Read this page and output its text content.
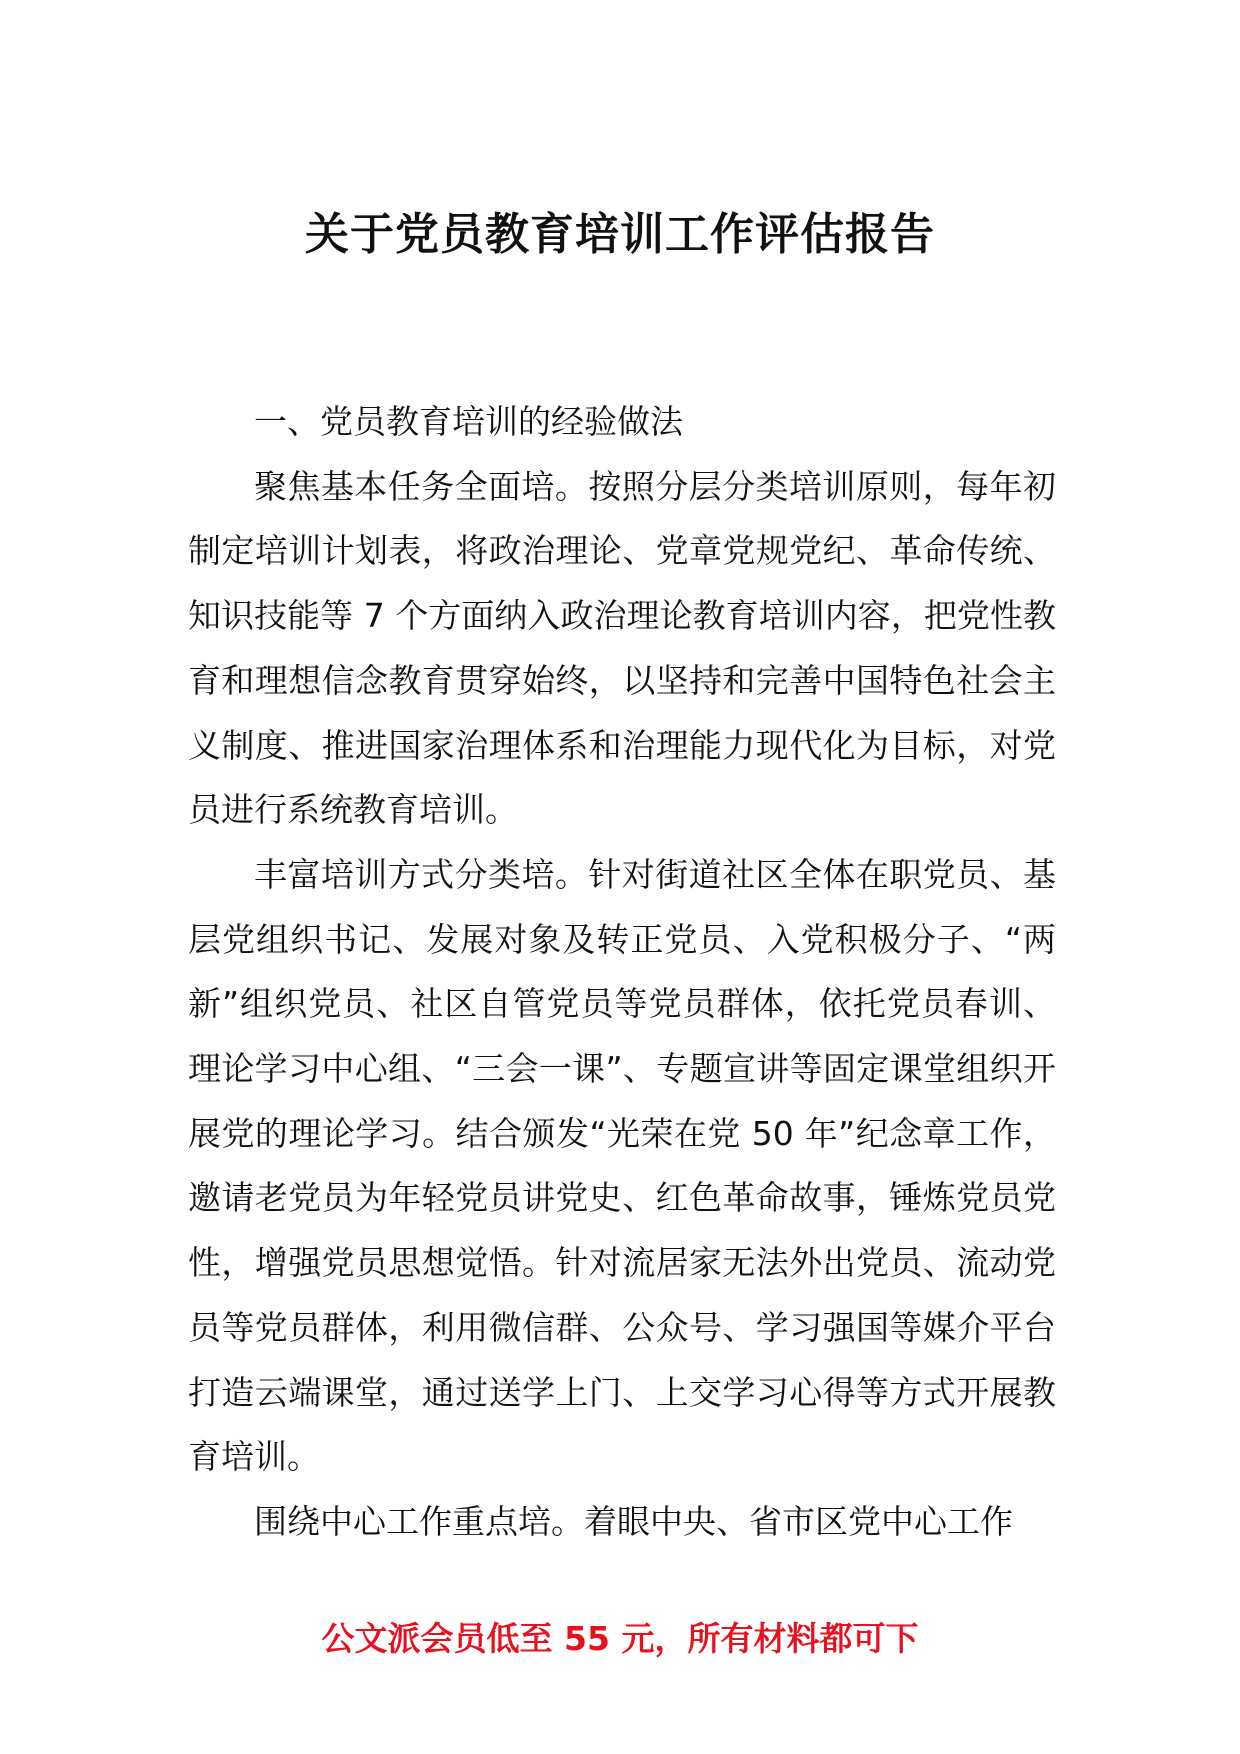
关于党员教育培训工作评估报告

一、党员教育培训的经验做法

聚焦基本任务全面培。按照分层分类培训原则，每年初制定培训计划表，将政治理论、党章党规党纪、革命传统、知识技能等 7 个方面纳入政治理论教育培训内容，把党性教育和理想信念教育贯穿始终，以坚持和完善中国特色社会主义制度、推进国家治理体系和治理能力现代化为目标，对党员进行系统教育培训。

丰富培训方式分类培。针对街道社区全体在职党员、基层党组织书记、发展对象及转正党员、入党积极分子、“两新”组织党员、社区自管党员等党员群体，依托党员春训、理论学习中心组、“三会一课”、专题宣讲等固定课堂组织开展党的理论学习。结合颁发“光荣在党 50 年”纪念章工作，邀请老党员为年轻党员讲党史、红色革命故事，锤炼党员党性，增强党员思想觉悟。针对流居家无法外出党员、流动党员等党员群体，利用微信群、公众号、学习强国等媒介平台打造云端课堂，通过送学上门、上交学习心得等方式开展教育培训。

围绕中心工作重点培。着眼中央、省市区党中心工作

公文派会员低至 55 元，所有材料都可下
